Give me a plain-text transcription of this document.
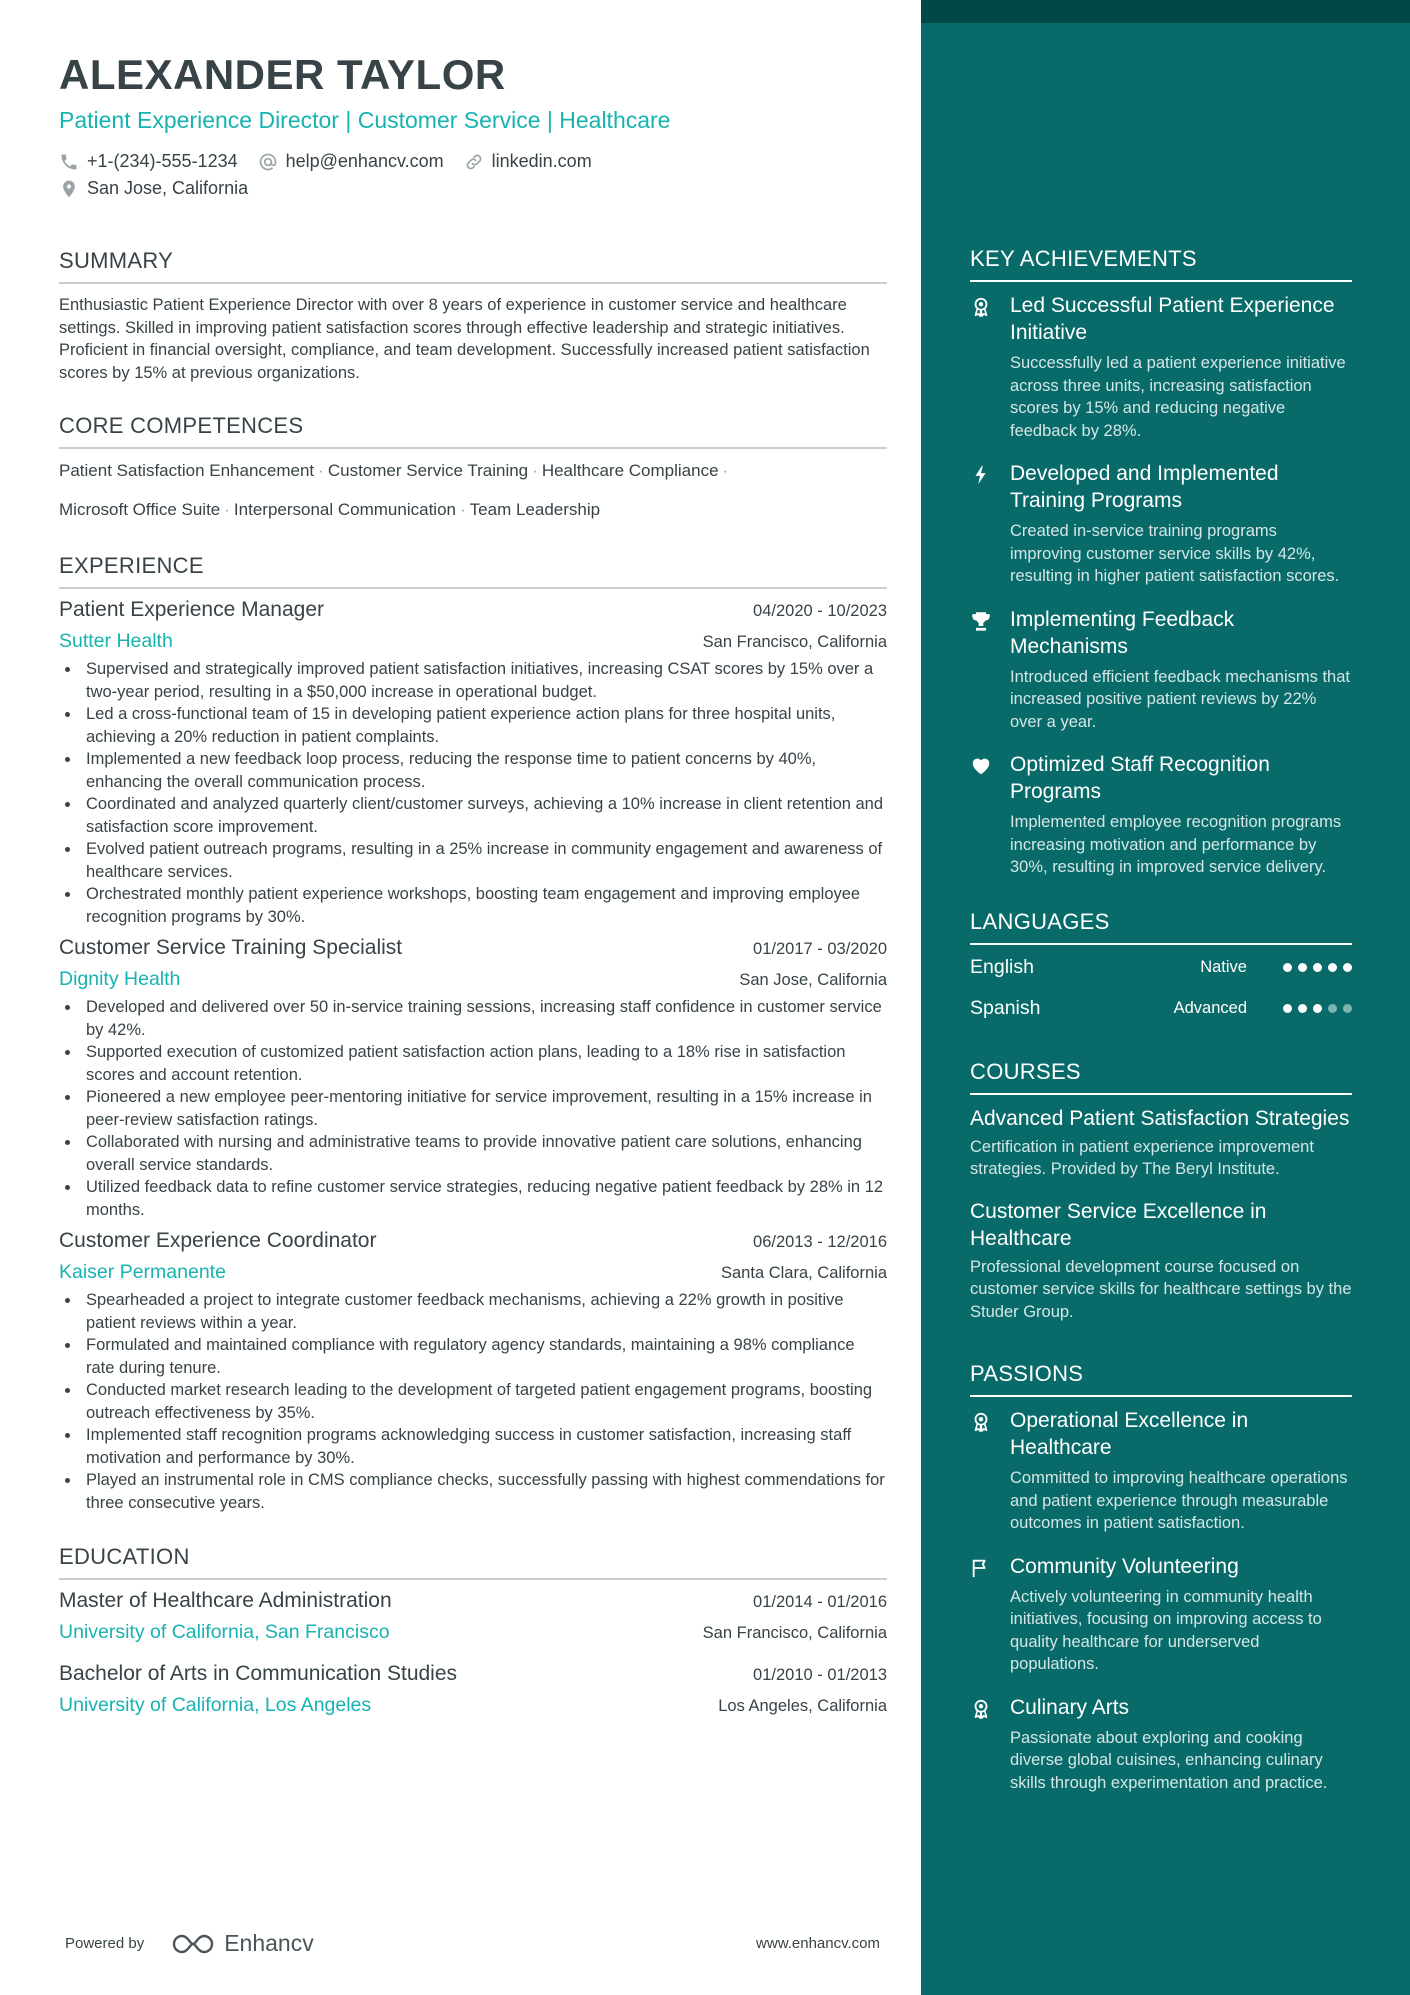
ALEXANDER TAYLOR
Patient Experience Director | Customer Service | Healthcare
+1-(234)-555-1234	help@enhancv.com	linkedin.com
San Jose, California
SUMMARY
Enthusiastic Patient Experience Director with over 8 years of experience in customer service and healthcare settings. Skilled in improving patient satisfaction scores through effective leadership and strategic initiatives. Proficient in financial oversight, compliance, and team development. Successfully increased patient satisfaction scores by 15% at previous organizations.
CORE COMPETENCES
Patient Satisfaction Enhancement · Customer Service Training · Healthcare Compliance ·
Microsoft Office Suite · Interpersonal Communication · Team Leadership
EXPERIENCE
Patient Experience Manager	04/2020 - 10/2023
Sutter Health	San Francisco, California
Supervised and strategically improved patient satisfaction initiatives, increasing CSAT scores by 15% over a two-year period, resulting in a $50,000 increase in operational budget.
Led a cross-functional team of 15 in developing patient experience action plans for three hospital units, achieving a 20% reduction in patient complaints.
Implemented a new feedback loop process, reducing the response time to patient concerns by 40%, enhancing the overall communication process.
Coordinated and analyzed quarterly client/customer surveys, achieving a 10% increase in client retention and satisfaction score improvement.
Evolved patient outreach programs, resulting in a 25% increase in community engagement and awareness of healthcare services.
Orchestrated monthly patient experience workshops, boosting team engagement and improving employee recognition programs by 30%.
Customer Service Training Specialist	01/2017 - 03/2020
Dignity Health	San Jose, California
Developed and delivered over 50 in-service training sessions, increasing staff confidence in customer service by 42%.
Supported execution of customized patient satisfaction action plans, leading to a 18% rise in satisfaction scores and account retention.
Pioneered a new employee peer-mentoring initiative for service improvement, resulting in a 15% increase in peer-review satisfaction ratings.
Collaborated with nursing and administrative teams to provide innovative patient care solutions, enhancing overall service standards.
Utilized feedback data to refine customer service strategies, reducing negative patient feedback by 28% in 12 months.
Customer Experience Coordinator	06/2013 - 12/2016
Kaiser Permanente	Santa Clara, California
Spearheaded a project to integrate customer feedback mechanisms, achieving a 22% growth in positive patient reviews within a year.
Formulated and maintained compliance with regulatory agency standards, maintaining a 98% compliance rate during tenure.
Conducted market research leading to the development of targeted patient engagement programs, boosting outreach effectiveness by 35%.
Implemented staff recognition programs acknowledging success in customer satisfaction, increasing staff motivation and performance by 30%.
Played an instrumental role in CMS compliance checks, successfully passing with highest commendations for three consecutive years.
EDUCATION
Master of Healthcare Administration	01/2014 - 01/2016
University of California, San Francisco	San Francisco, California
Bachelor of Arts in Communication Studies	01/2010 - 01/2013
University of California, Los Angeles	Los Angeles, California
Powered by	Enhancv	www.enhancv.com
KEY ACHIEVEMENTS
Led Successful Patient Experience Initiative
Successfully led a patient experience initiative across three units, increasing satisfaction scores by 15% and reducing negative feedback by 28%.
Developed and Implemented Training Programs
Created in-service training programs improving customer service skills by 42%, resulting in higher patient satisfaction scores.
Implementing Feedback Mechanisms
Introduced efficient feedback mechanisms that increased positive patient reviews by 22% over a year.
Optimized Staff Recognition Programs
Implemented employee recognition programs increasing motivation and performance by 30%, resulting in improved service delivery.
LANGUAGES
English	Native
Spanish	Advanced
COURSES
Advanced Patient Satisfaction Strategies
Certification in patient experience improvement strategies. Provided by The Beryl Institute.
Customer Service Excellence in Healthcare
Professional development course focused on customer service skills for healthcare settings by the Studer Group.
PASSIONS
Operational Excellence in Healthcare
Committed to improving healthcare operations and patient experience through measurable outcomes in patient satisfaction.
Community Volunteering
Actively volunteering in community health initiatives, focusing on improving access to quality healthcare for underserved populations.
Culinary Arts
Passionate about exploring and cooking diverse global cuisines, enhancing culinary skills through experimentation and practice.
